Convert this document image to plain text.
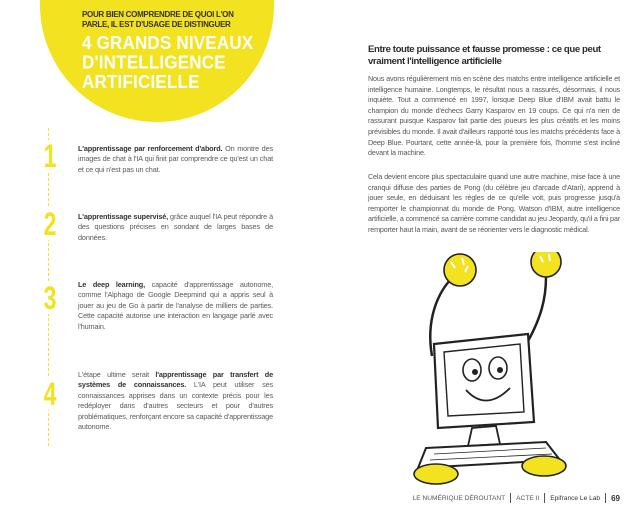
POUR BIEN COMPRENDRE DE QUOI L'ON PARLE, IL EST D'USAGE DE DISTINGUER
4 GRANDS NIVEAUX D'INTELLIGENCE ARTIFICIELLE
1	L'apprentissage par renforcement d'abord. On montre des images de chat à l'IA qui finit par comprendre ce qu'est un chat et ce qui n'est pas un chat.
2	L'apprentissage supervisé, grâce auquel l'IA peut répondre à des questions précises en sondant de larges bases de données.
3	Le deep learning, capacité d'apprentissage autonome, comme l'Alphago de Google Deepmind qui a appris seul à jouer au jeu de Go à partir de l'analyse de milliers de parties. Cette capacité autorise une interaction en langage parlé avec l'humain.
4
L'étape ultime serait l'apprentissage par transfert de systèmes de connaissances. L'IA peut utiliser ses connaissances apprises dans un contexte précis pour les redéployer dans d'autres secteurs et pour d'autres problématiques, renforçant encore sa capacité d'apprentissage autonome.
Entre toute puissance et fausse promesse : ce que peut vraiment l'intelligence artificielle
Nous avons régulièrement mis en scène des matchs entre intelligence artificielle et intelligence humaine. Longtemps, le résultat nous a rassurés, désormais, il nous inquiète. Tout a commencé en 1997, lorsque Deep Blue d'IBM avait battu le champion du monde d'échecs Garry Kasparov en 19 coups. Ce qui n'a rien de rassurant puisque Kasparov fait partie des joueurs les plus créatifs et les moins prévisibles du monde. Il avait d'ailleurs rapporté tous les matchs précédents face à Deep Blue. Pourtant, cette année-là, pour la première fois, l'homme s'est incliné devant la machine.
Cela devient encore plus spectaculaire quand une autre machine, mise face à une cranqui diffuse des parties de Pong (du célèbre jeu d'arcade d'Atari), apprend à jouer seule, en déduisant les règles de ce qu'elle voit, puis progresse jusqu'à remporter le championnat du monde de Pong. Watson d'IBM, autre intelligence artificielle, a commencé sa carrière comme candidat au jeu Jeopardy, qu'il a fini par remporter haut la main, avant de se réorienter vers le diagnostic médical.
LE NUMÉRIQUE DÉROUTANT ACTE II Epifrance Le Lab 69
